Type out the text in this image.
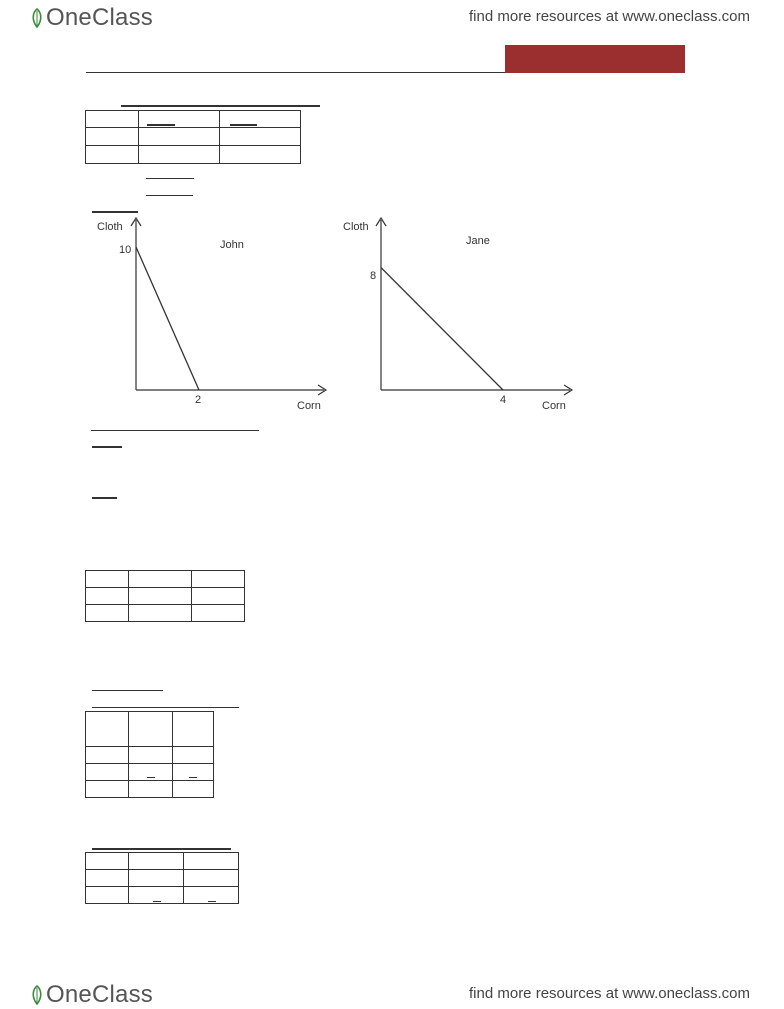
OneClass	find more resources at www.oneclass.com

Cloth
10	John
2	Corn
Cloth
8
Jane
4	Corn

OneClass	find more resources at www.oneclass.com
